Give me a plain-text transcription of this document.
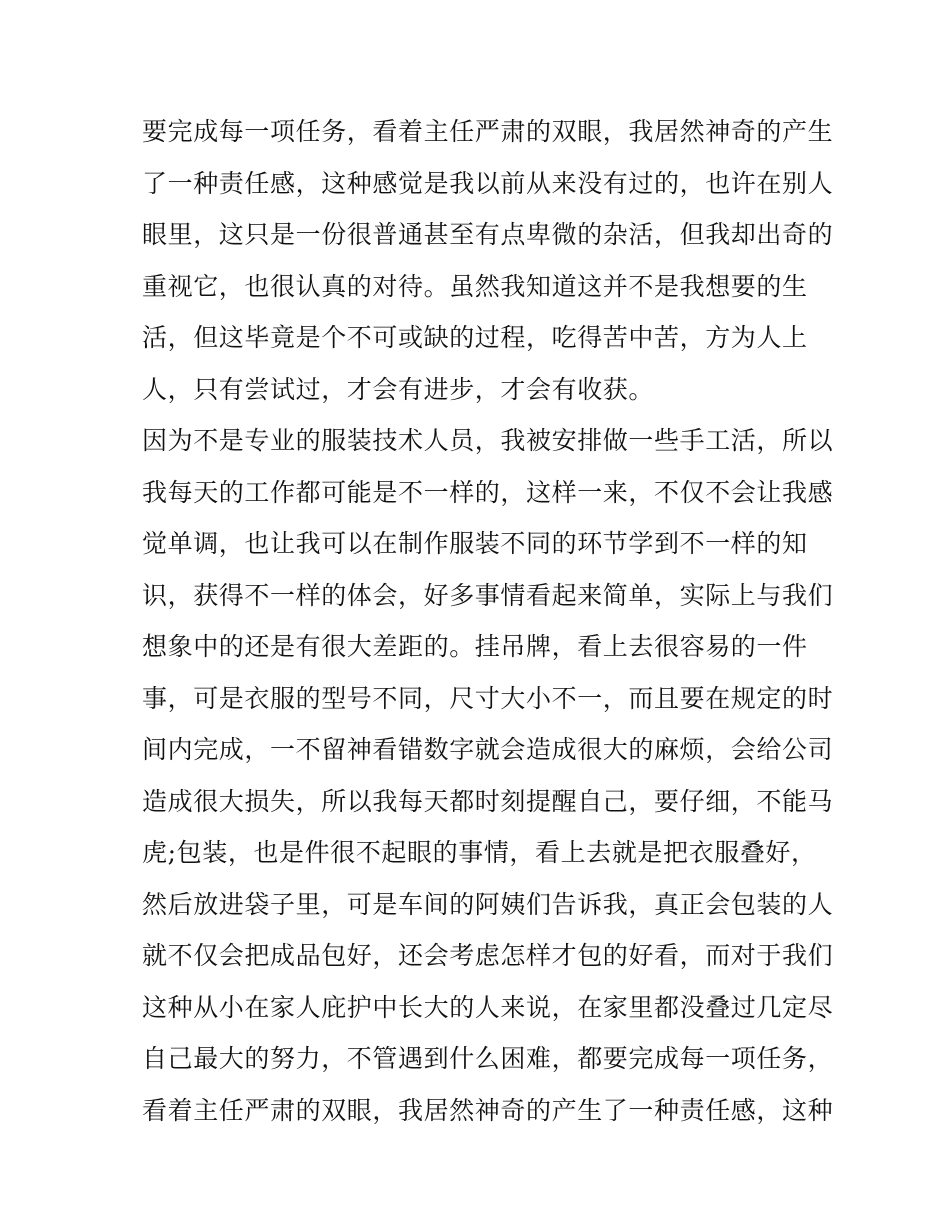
要完成每一项任务，看着主任严肃的双眼，我居然神奇的产生
了一种责任感，这种感觉是我以前从来没有过的，也许在别人
眼里，这只是一份很普通甚至有点卑微的杂活，但我却出奇的
重视它，也很认真的对待。虽然我知道这并不是我想要的生
活，但这毕竟是个不可或缺的过程，吃得苦中苦，方为人上
人，只有尝试过，才会有进步，才会有收获。
因为不是专业的服装技术人员，我被安排做一些手工活，所以
我每天的工作都可能是不一样的，这样一来，不仅不会让我感
觉单调，也让我可以在制作服装不同的环节学到不一样的知
识，获得不一样的体会，好多事情看起来简单，实际上与我们
想象中的还是有很大差距的。挂吊牌，看上去很容易的一件
事，可是衣服的型号不同，尺寸大小不一，而且要在规定的时
间内完成，一不留神看错数字就会造成很大的麻烦，会给公司
造成很大损失，所以我每天都时刻提醒自己，要仔细，不能马
虎;包装，也是件很不起眼的事情，看上去就是把衣服叠好，
然后放进袋子里，可是车间的阿姨们告诉我，真正会包装的人
就不仅会把成品包好，还会考虑怎样才包的好看，而对于我们
这种从小在家人庇护中长大的人来说，在家里都没叠过几定尽
自己最大的努力，不管遇到什么困难，都要完成每一项任务，
看着主任严肃的双眼，我居然神奇的产生了一种责任感，这种
